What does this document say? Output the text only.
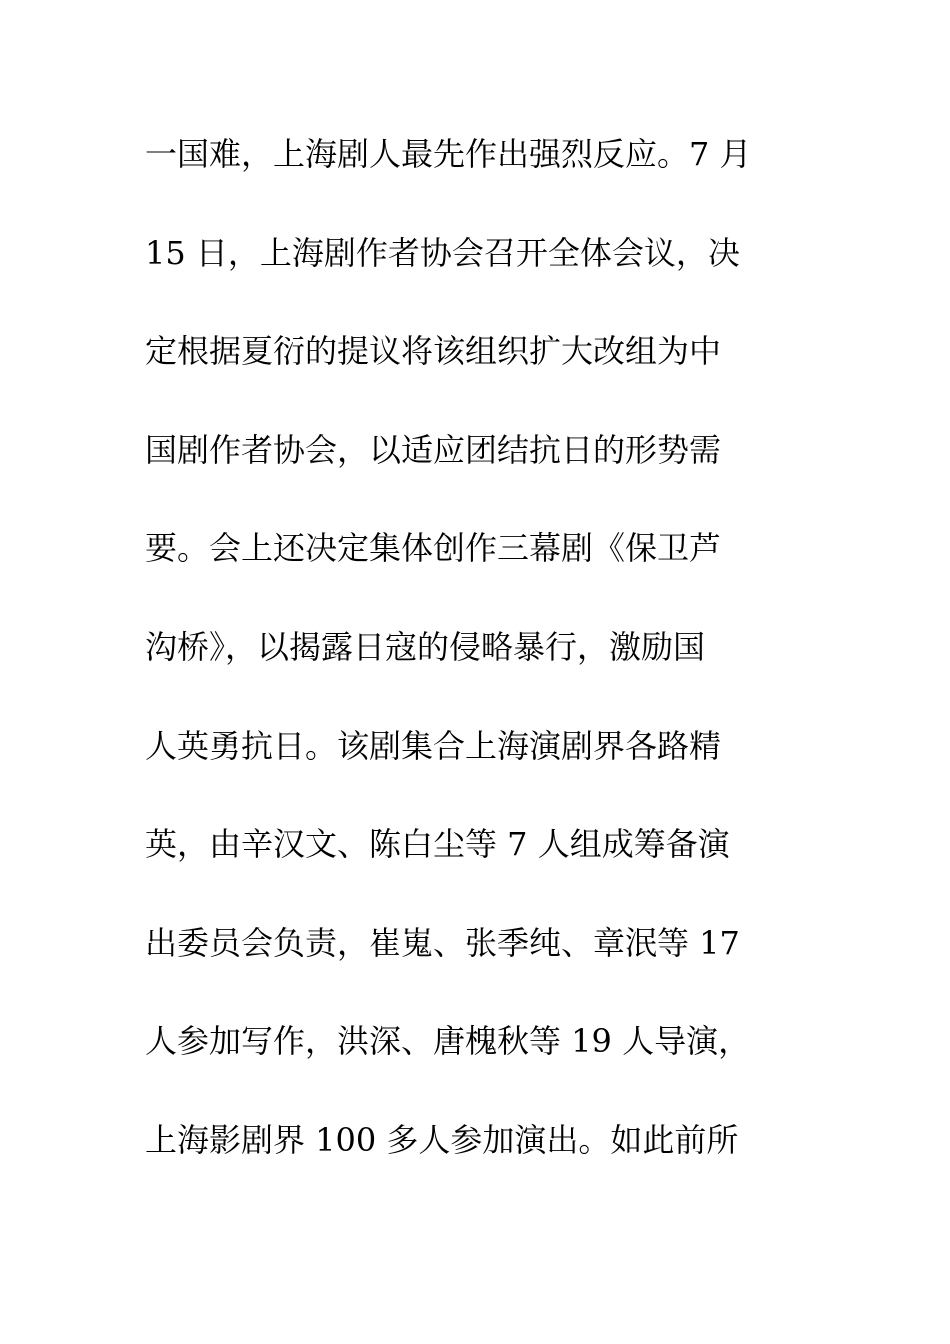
一国难，上海剧人最先作出强烈反应。7 月
15 日，上海剧作者协会召开全体会议，决
定根据夏衍的提议将该组织扩大改组为中
国剧作者协会，以适应团结抗日的形势需
要。会上还决定集体创作三幕剧《保卫芦
沟桥》，以揭露日寇的侵略暴行，激励国
人英勇抗日。该剧集合上海演剧界各路精
英，由辛汉文、陈白尘等 7 人组成筹备演
出委员会负责，崔嵬、张季纯、章泯等 17
人参加写作，洪深、唐槐秋等 19 人导演，
上海影剧界 100 多人参加演出。如此前所
